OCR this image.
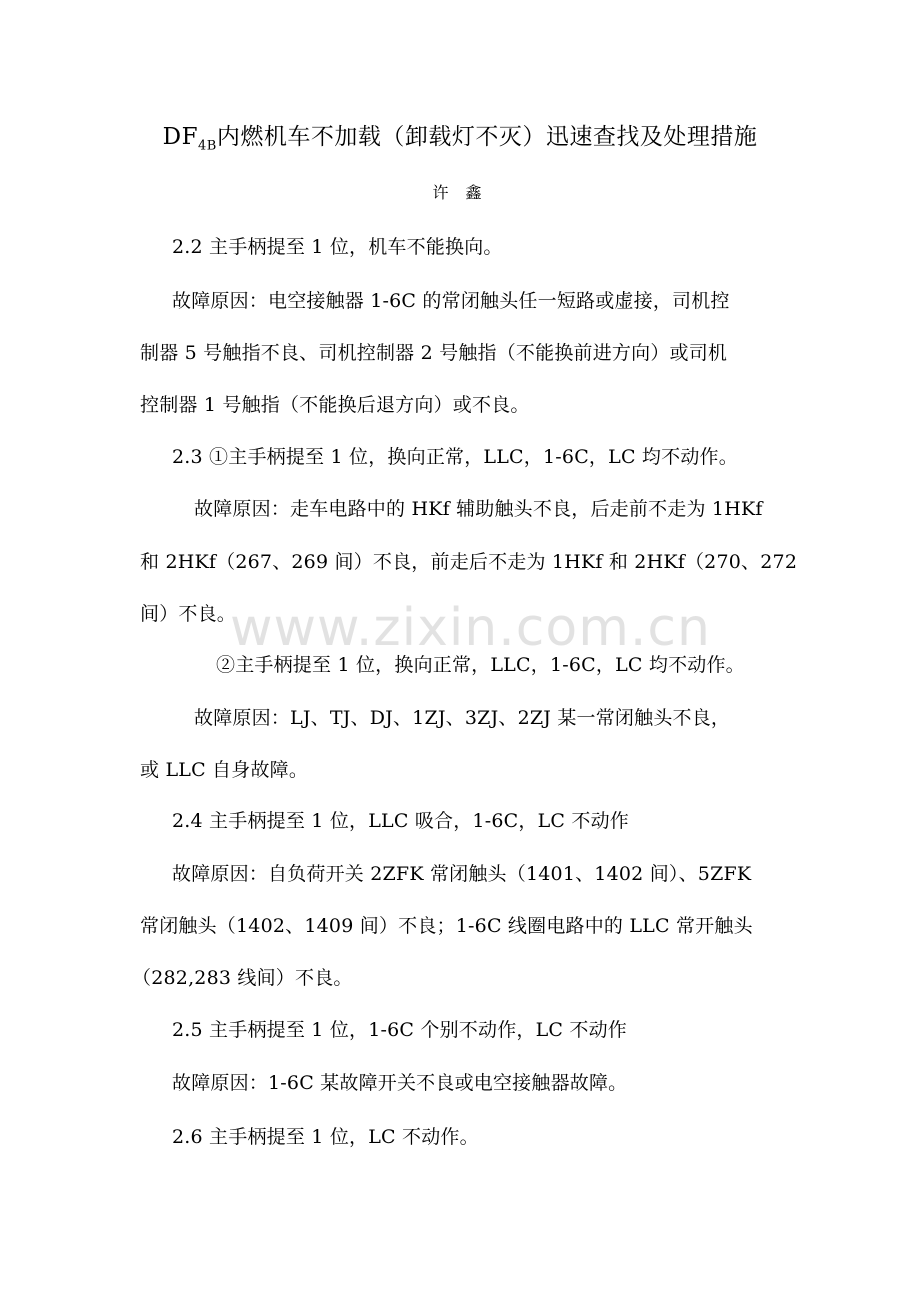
www.zixin.com.cn
$DF_{4B}$内燃机车不加载（卸载灯不灭）迅速查找及处理措施
许 鑫
2.2 主手柄提至 1 位，机车不能换向。
故障原因：电空接触器 1-6C 的常闭触头任一短路或虚接，司机控
制器 5 号触指不良、司机控制器 2 号触指（不能换前进方向）或司机
控制器 1 号触指（不能换后退方向）或不良。
2.3 ①主手柄提至 1 位，换向正常，LLC，1-6C，LC 均不动作。
故障原因：走车电路中的 HKf 辅助触头不良，后走前不走为 1HKf
和 2HKf（267、269 间）不良，前走后不走为 1HKf 和 2HKf（270、272
间）不良。
②主手柄提至 1 位，换向正常，LLC，1-6C，LC 均不动作。
故障原因：LJ、TJ、DJ、1ZJ、3ZJ、2ZJ 某一常闭触头不良，
或 LLC 自身故障。
2.4 主手柄提至 1 位，LLC 吸合，1-6C，LC 不动作
故障原因：自负荷开关 2ZFK 常闭触头（1401、1402 间）、5ZFK
常闭触头（1402、1409 间）不良；1-6C 线圈电路中的 LLC 常开触头
（282,283 线间）不良。
2.5 主手柄提至 1 位，1-6C 个别不动作，LC 不动作
故障原因：1-6C 某故障开关不良或电空接触器故障。
2.6 主手柄提至 1 位，LC 不动作。
